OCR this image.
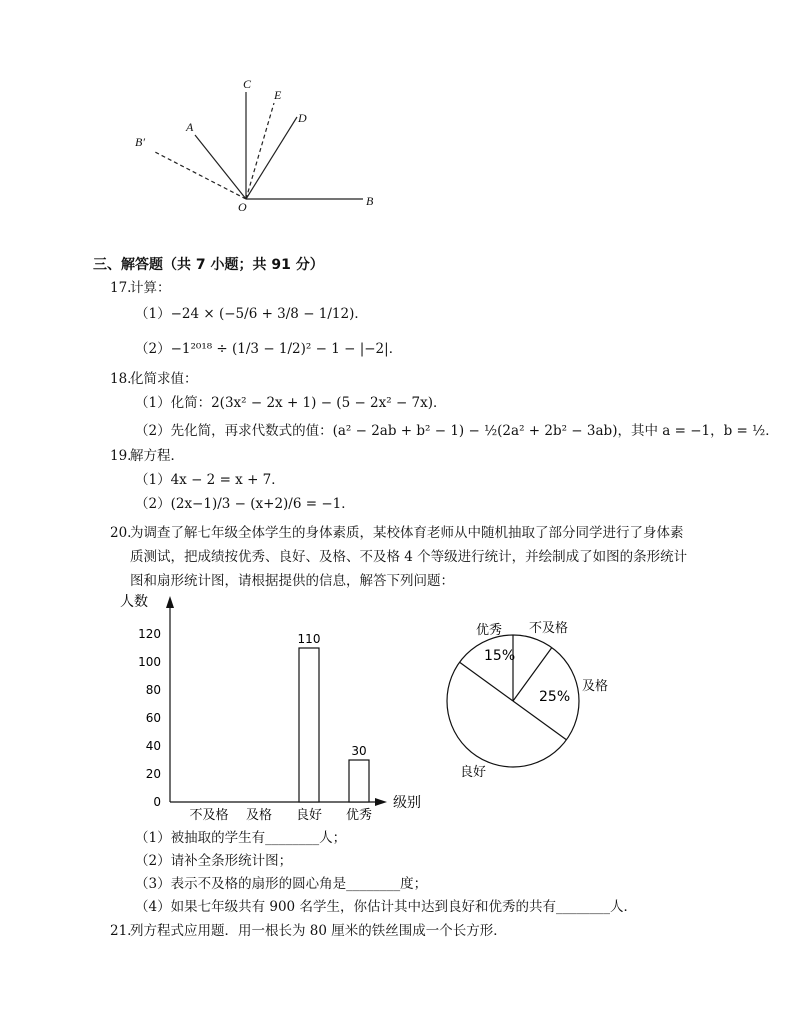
C
E
A
D
B′
O	B
三、解答题（共 7 小题；共 91 分）
17.
计算：
（1）−24 × (−5/6 + 3/8 − 1/12)．
（2）−1²⁰¹⁸ ÷ (1/3 − 1/2)² − 1 − |−2|．
18.
化简求值：
（1）化简：2(3x² − 2x + 1) − (5 − 2x² − 7x)．
（2）先化简，再求代数式的值：(a² − 2ab + b² − 1) − ½(2a² + 2b² − 3ab)，其中 a = −1，b = ½．
19.
解方程．
（1）4x − 2 = x + 7．
（2）(2x−1)/3 − (x+2)/6 = −1．
20.
为调查了解七年级全体学生的身体素质，某校体育老师从中随机抽取了部分同学进行了身体素
质测试，把成绩按优秀、良好、及格、不及格 4 个等级进行统计，并绘制成了如图的条形统计
图和扇形统计图，请根据提供的信息，解答下列问题：
人数
级别
0
20
40
60
80
100
120
不及格 及格 良好
110
优秀
30
不及格
及格
良好
优秀
25%
15%
（1）被抽取的学生有________人；
（2）请补全条形统计图；
（3）表示不及格的扇形的圆心角是________度；
（4）如果七年级共有 900 名学生，你估计其中达到良好和优秀的共有________人．
21.
列方程式应用题．用一根长为 80 厘米的铁丝围成一个长方形．
